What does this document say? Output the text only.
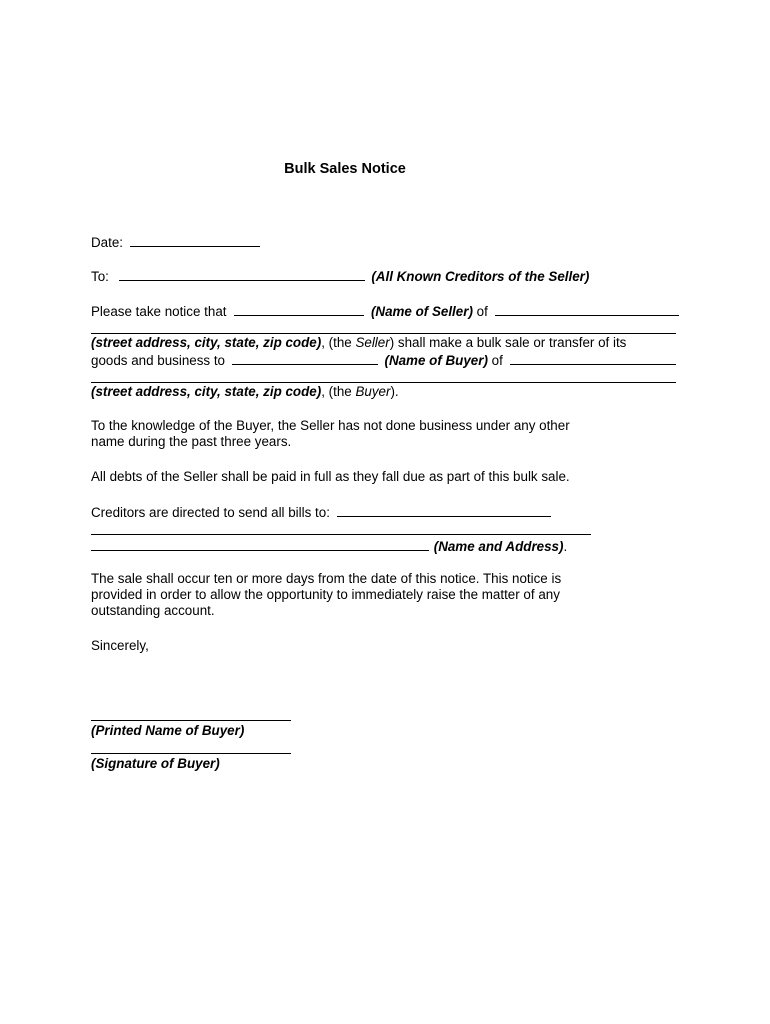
Bulk Sales Notice
Date:
To:	(All Known Creditors of the Seller)
Please take notice that	(Name of Seller) of
(street address, city, state, zip code), (the Seller) shall make a bulk sale or transfer of its
goods and business to	(Name of Buyer) of
(street address, city, state, zip code), (the Buyer).
To the knowledge of the Buyer, the Seller has not done business under any other
name during the past three years.
All debts of the Seller shall be paid in full as they fall due as part of this bulk sale.
Creditors are directed to send all bills to:
(Name and Address).
The sale shall occur ten or more days from the date of this notice. This notice is
provided in order to allow the opportunity to immediately raise the matter of any
outstanding account.
Sincerely,
(Printed Name of Buyer)
(Signature of Buyer)
